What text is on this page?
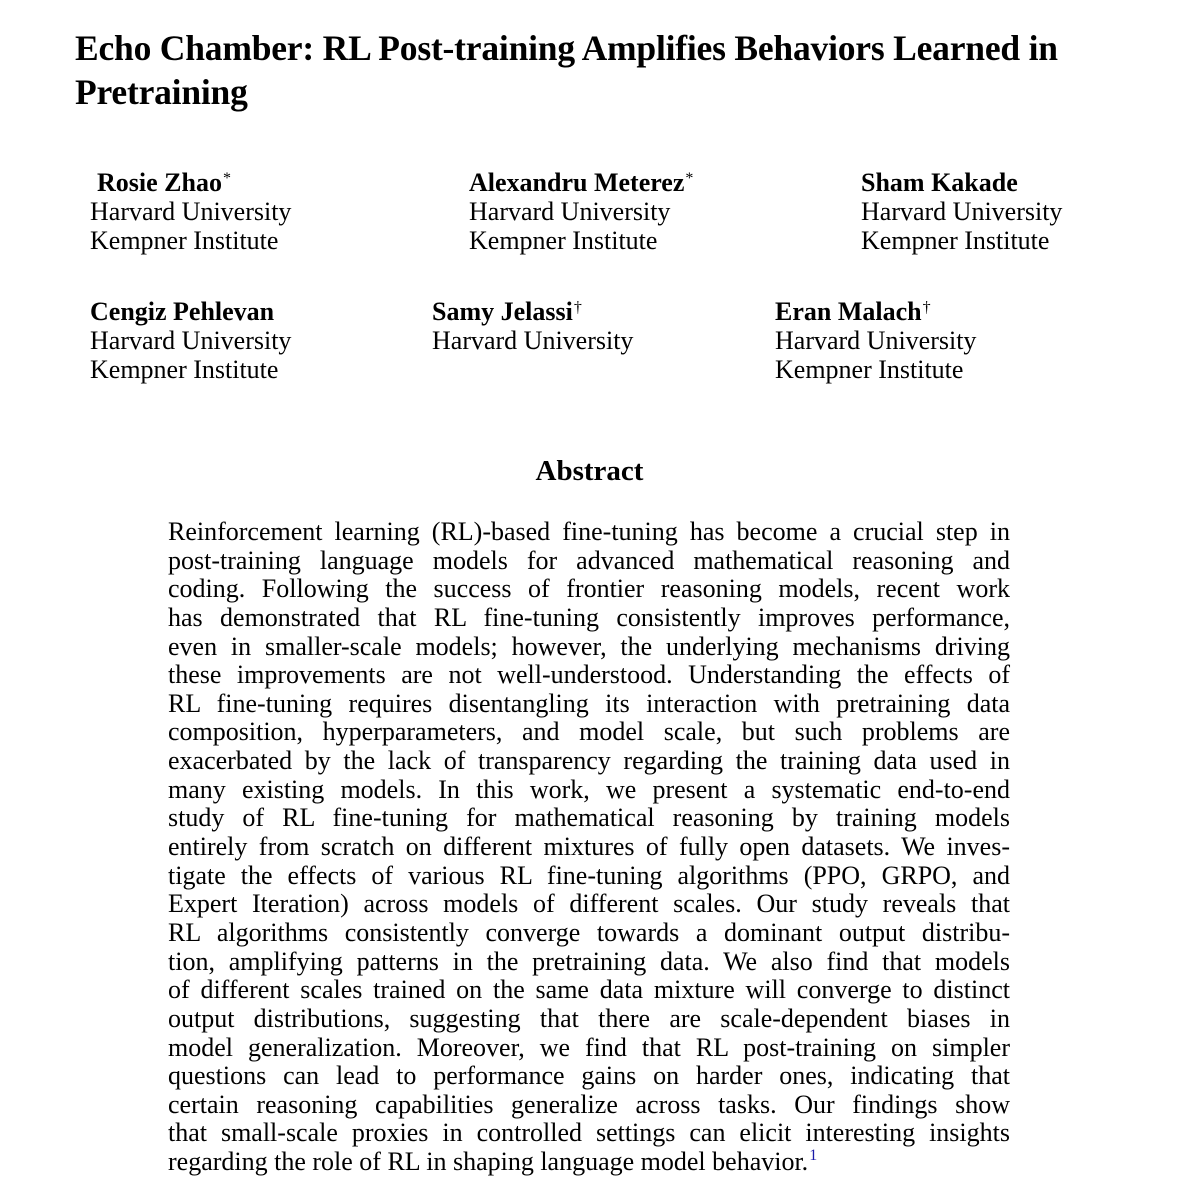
Echo Chamber: RL Post-training Amplifies Behaviors Learned in Pretraining
Rosie Zhao*
Harvard University
Kempner Institute
Alexandru Meterez*
Harvard University
Kempner Institute
Sham Kakade
Harvard University
Kempner Institute
Cengiz Pehlevan
Harvard University
Kempner Institute
Samy Jelassi†
Harvard University
Eran Malach†
Harvard University
Kempner Institute
Abstract
Reinforcement learning (RL)-based fine-tuning has become a crucial step in
post-training language models for advanced mathematical reasoning and
coding. Following the success of frontier reasoning models, recent work
has demonstrated that RL fine-tuning consistently improves performance,
even in smaller-scale models; however, the underlying mechanisms driving
these improvements are not well-understood. Understanding the effects of
RL fine-tuning requires disentangling its interaction with pretraining data
composition, hyperparameters, and model scale, but such problems are
exacerbated by the lack of transparency regarding the training data used in
many existing models. In this work, we present a systematic end-to-end
study of RL fine-tuning for mathematical reasoning by training models
entirely from scratch on different mixtures of fully open datasets. We inves-
tigate the effects of various RL fine-tuning algorithms (PPO, GRPO, and
Expert Iteration) across models of different scales. Our study reveals that
RL algorithms consistently converge towards a dominant output distribu-
tion, amplifying patterns in the pretraining data. We also find that models
of different scales trained on the same data mixture will converge to distinct
output distributions, suggesting that there are scale-dependent biases in
model generalization. Moreover, we find that RL post-training on simpler
questions can lead to performance gains on harder ones, indicating that
certain reasoning capabilities generalize across tasks. Our findings show
that small-scale proxies in controlled settings can elicit interesting insights
regarding the role of RL in shaping language model behavior.$^1$
